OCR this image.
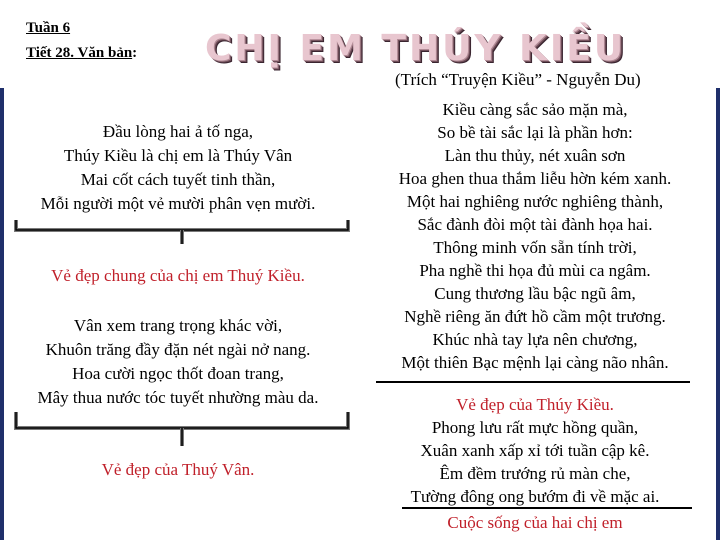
Tuần 6
Tiết 28. Văn bản: CHỊ EM THÚY KIỀU
(Trích “Truyện Kiều” - Nguyễn Du)
Đầu lòng hai ả tố nga,
Thúy Kiều là chị em là Thúy Vân
Mai cốt cách tuyết tinh thần,
Mỗi người một vẻ mười phân vẹn mười.
Vẻ đẹp chung của chị em Thuý Kiều.
Vân xem trang trọng khác vời,
Khuôn trăng đầy đặn nét ngài nở nang.
Hoa cười ngọc thốt đoan trang,
Mây thua nước tóc tuyết nhường màu da.
Vẻ đẹp của Thuý Vân.
Kiều càng sắc sảo mặn mà,
So bề tài sắc lại là phần hơn:
Làn thu thủy, nét xuân sơn
Hoa ghen thua thắm liễu hờn kém xanh.
Một hai nghiêng nước nghiêng thành,
Sắc đành đòi một tài đành họa hai.
Thông minh vốn sẵn tính trời,
Pha nghề thi họa đủ mùi ca ngâm.
Cung thương lầu bậc ngũ âm,
Nghề riêng ăn đứt hồ cầm một trương.
Khúc nhà tay lựa nên chương,
Một thiên Bạc mệnh lại càng não nhân.
Vẻ đẹp của Thúy Kiều.
Phong lưu rất mực hồng quần,
Xuân xanh xấp xỉ tới tuần cập kê.
Êm đềm trướng rủ màn che,
Tường đông ong bướm đi về mặc ai.
Cuộc sống của hai chị em
